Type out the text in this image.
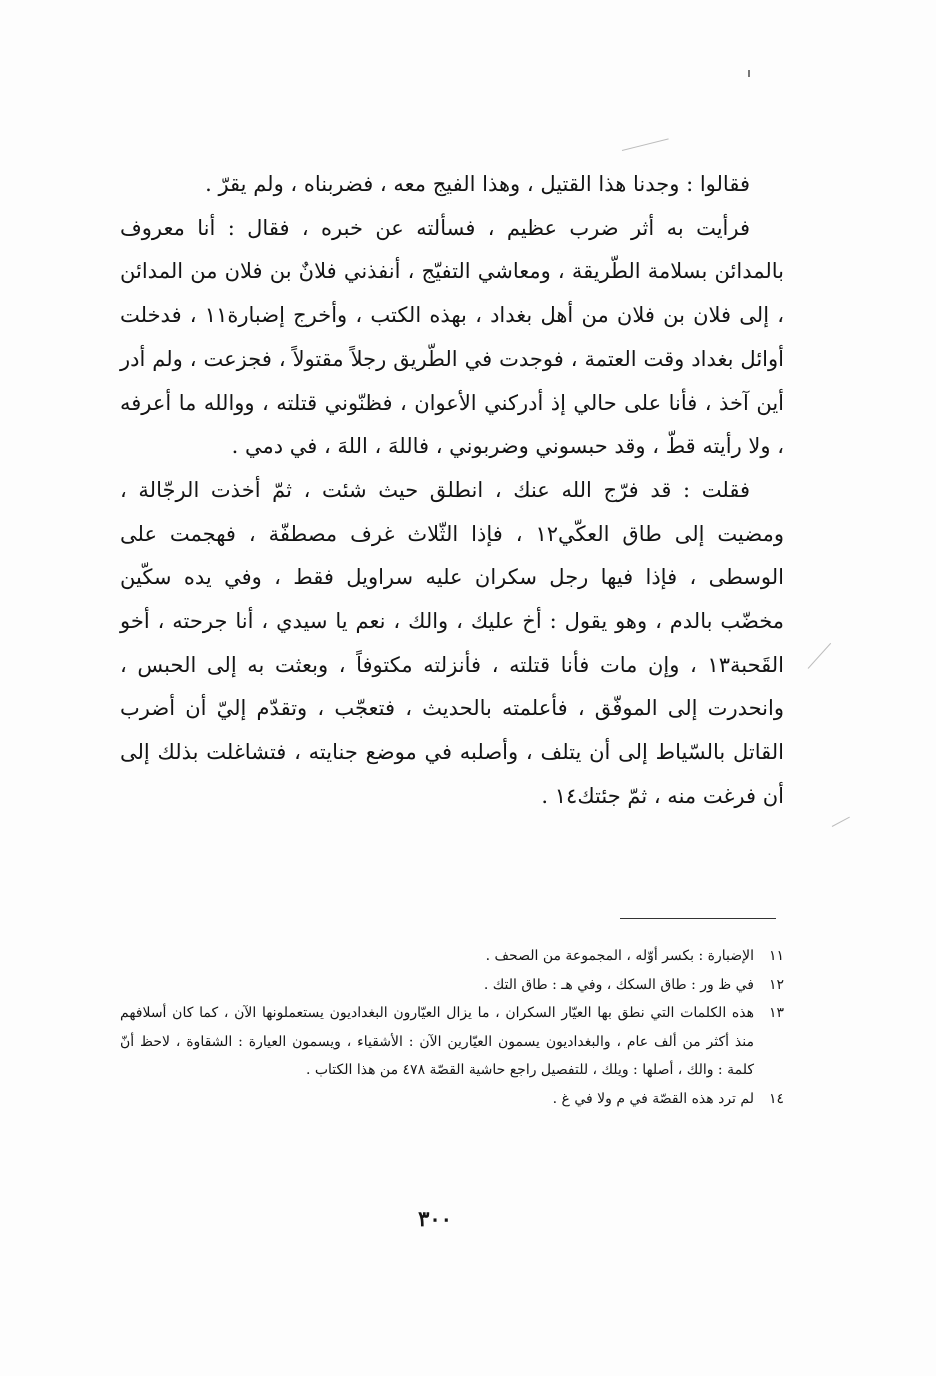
فقالوا : وجدنا هذا القتيل ، وهذا الفيج معه ، فضربناه ، ولم يقرّ .

فرأيت به أثر ضرب عظيم ، فسألته عن خبره ، فقال : أنا معروف بالمدائن بسلامة الطّريقة ، ومعاشي التفيّج ، أنفذني فلانٌ بن فلان من المدائن ، إلى فلان بن فلان من أهل بغداد ، بهذه الكتب ، وأخرج إضبارة١١ ، فدخلت أوائل بغداد وقت العتمة ، فوجدت في الطّريق رجلاً مقتولاً ، فجزعت ، ولم أدر أين آخذ ، فأنا على حالي إذ أدركني الأعوان ، فظنّوني قتلته ، ووالله ما أعرفه ، ولا رأيته قطّ ، وقد حبسوني وضربوني ، فاللهَ ، اللهَ ، في دمي .

فقلت : قد فرّج الله عنك ، انطلق حيث شئت ، ثمّ أخذت الرجّالة ، ومضيت إلى طاق العكّي١٢ ، فإذا الثّلاث غرف مصطفّة ، فهجمت على الوسطى ، فإذا فيها رجل سكران عليه سراويل فقط ، وفي يده سكّين مخضّب بالدم ، وهو يقول : أخ عليك ، والك ، نعم يا سيدي ، أنا جرحته ، أخو القَحبة١٣ ، وإن مات فأنا قتلته ، فأنزلته مكتوفاً ، وبعثت به إلى الحبس ، وانحدرت إلى الموفّق ، فأعلمته بالحديث ، فتعجّب ، وتقدّم إليّ أن أضرب القاتل بالسّياط إلى أن يتلف ، وأصلبه في موضع جنايته ، فتشاغلت بذلك إلى أن فرغت منه ، ثمّ جئتك١٤ .

١١
الإضبارة : بكسر أوّله ، المجموعة من الصحف .
١٢
في ظ ور : طاق السكك ، وفي هـ : طاق التك .
١٣
هذه الكلمات التي نطق بها العيّار السكران ، ما يزال العيّارون البغداديون يستعملونها الآن ، كما كان أسلافهم منذ أكثر من ألف عام ، والبغداديون يسمون العيّارين الآن : الأشقياء ، ويسمون العيارة : الشقاوة ، لاحظ أنّ كلمة : والك ، أصلها : ويلك ، للتفصيل راجع حاشية القصّة ٤٧٨ من هذا الكتاب .
١٤
لم ترد هذه القصّة في م ولا في غ .
٣٠٠
